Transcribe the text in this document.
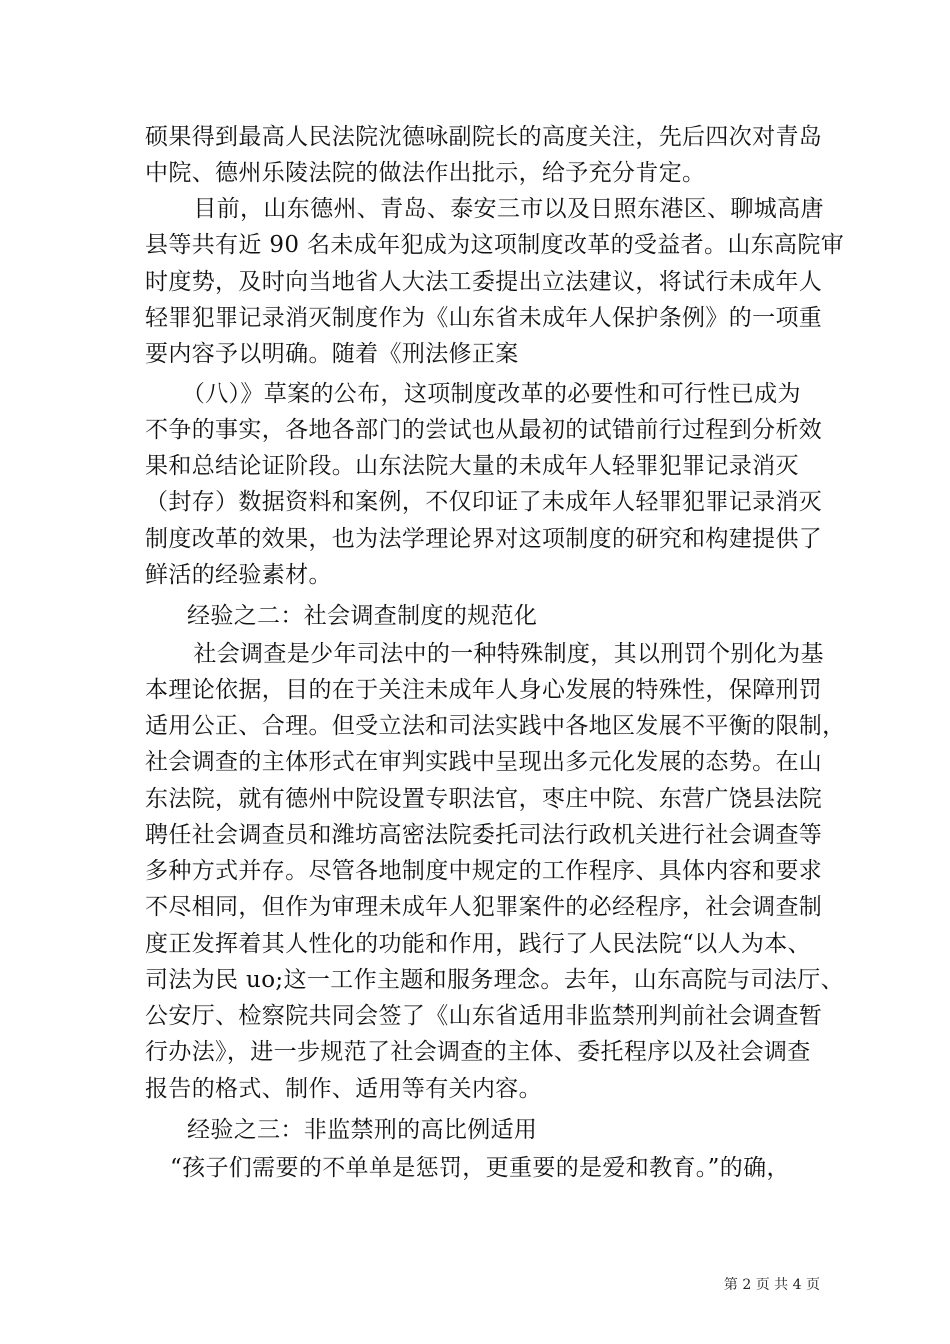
硕果得到最高人民法院沈德咏副院长的高度关注，先后四次对青岛
中院、德州乐陵法院的做法作出批示，给予充分肯定。
　目前，山东德州、青岛、泰安三市以及日照东港区、聊城高唐
县等共有近 90 名未成年犯成为这项制度改革的受益者。山东高院审
时度势，及时向当地省人大法工委提出立法建议，将试行未成年人
轻罪犯罪记录消灭制度作为《山东省未成年人保护条例》的一项重
要内容予以明确。随着《刑法修正案
　（八）》草案的公布，这项制度改革的必要性和可行性已成为
不争的事实，各地各部门的尝试也从最初的试错前行过程到分析效
果和总结论证阶段。山东法院大量的未成年人轻罪犯罪记录消灭
（封存）数据资料和案例，不仅印证了未成年人轻罪犯罪记录消灭
制度改革的效果，也为法学理论界对这项制度的研究和构建提供了
鲜活的经验素材。
经验之二：社会调查制度的规范化
　社会调查是少年司法中的一种特殊制度，其以刑罚个别化为基
本理论依据，目的在于关注未成年人身心发展的特殊性，保障刑罚
适用公正、合理。但受立法和司法实践中各地区发展不平衡的限制，
社会调查的主体形式在审判实践中呈现出多元化发展的态势。在山
东法院，就有德州中院设置专职法官，枣庄中院、东营广饶县法院
聘任社会调查员和潍坊高密法院委托司法行政机关进行社会调查等
多种方式并存。尽管各地制度中规定的工作程序、具体内容和要求
不尽相同，但作为审理未成年人犯罪案件的必经程序，社会调查制
度正发挥着其人性化的功能和作用，践行了人民法院“以人为本、
司法为民 uo;这一工作主题和服务理念。去年，山东高院与司法厅、
公安厅、检察院共同会签了《山东省适用非监禁刑判前社会调查暂
行办法》，进一步规范了社会调查的主体、委托程序以及社会调查
报告的格式、制作、适用等有关内容。
经验之三：非监禁刑的高比例适用
“孩子们需要的不单单是惩罚，更重要的是爱和教育。”的确，
第 2 页 共 4 页
